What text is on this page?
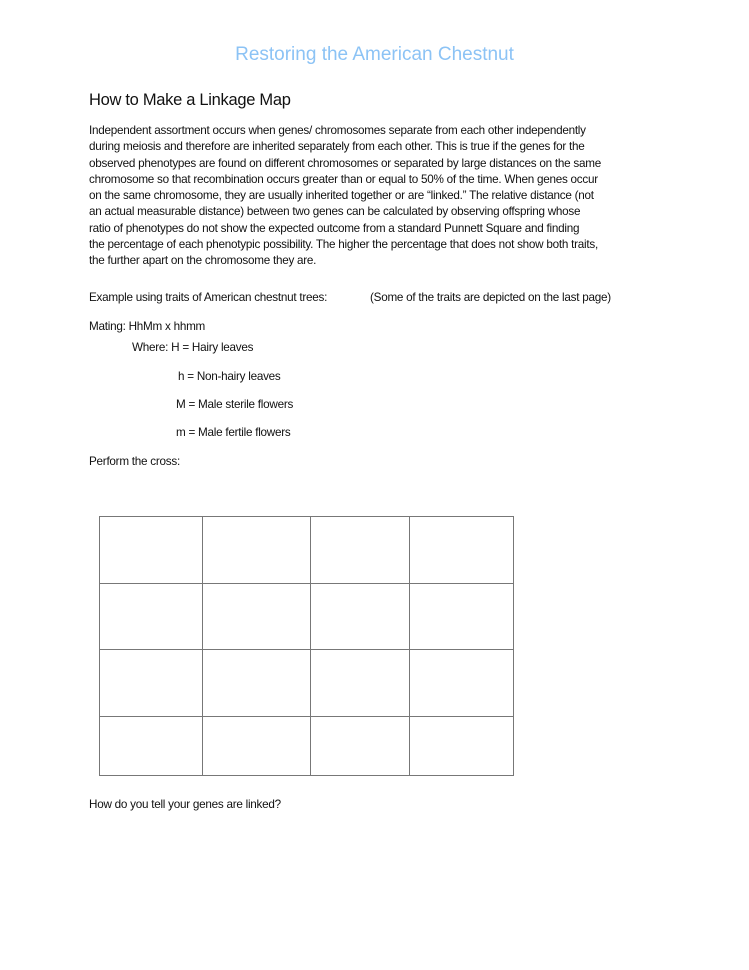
Restoring the American Chestnut
How to Make a Linkage Map
Independent assortment occurs when genes/ chromosomes separate from each other independently
during meiosis and therefore are inherited separately from each other. This is true if the genes for the
observed phenotypes are found on different chromosomes or separated by large distances on the same
chromosome so that recombination occurs greater than or equal to 50% of the time. When genes occur
on the same chromosome, they are usually inherited together or are “linked.” The relative distance (not
an actual measurable distance) between two genes can be calculated by observing offspring whose
ratio of phenotypes do not show the expected outcome from a standard Punnett Square and finding
the percentage of each phenotypic possibility. The higher the percentage that does not show both traits,
the further apart on the chromosome they are.
Example using traits of American chestnut trees:	(Some of the traits are depicted on the last page)
Mating: HhMm x hhmm
Where: H = Hairy leaves
h = Non-hairy leaves
M = Male sterile flowers
m = Male fertile flowers
Perform the cross:

How do you tell your genes are linked?
